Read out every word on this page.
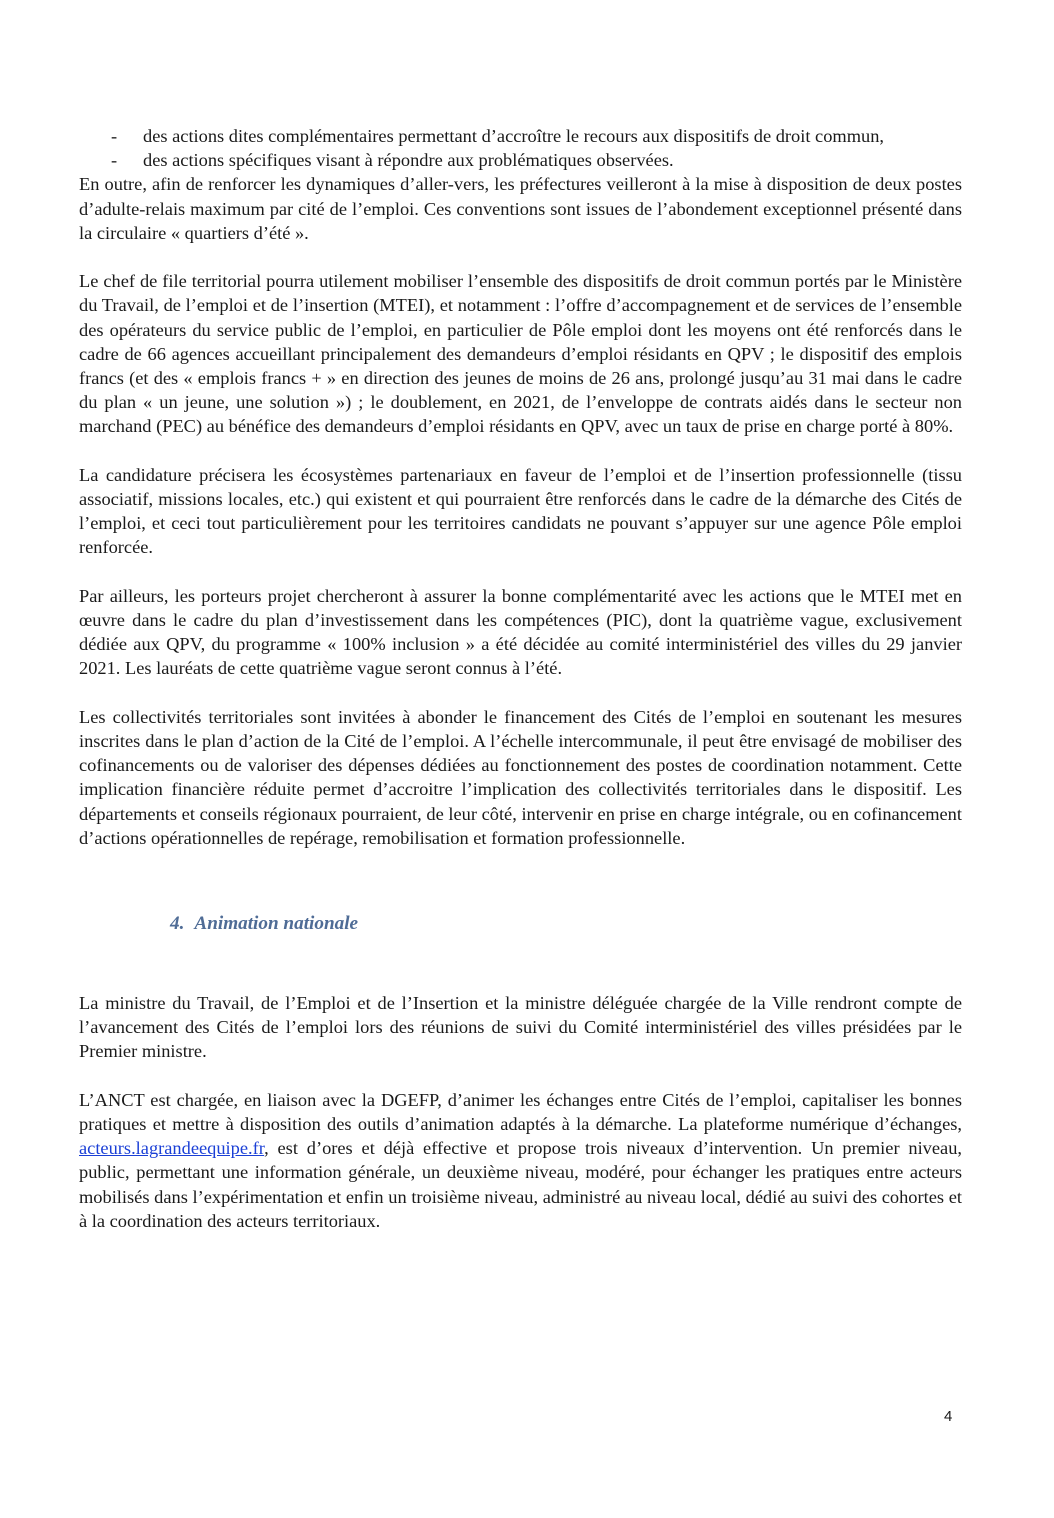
- des actions dites complémentaires permettant d’accroître le recours aux dispositifs de droit commun,
- des actions spécifiques visant à répondre aux problématiques observées.

En outre, afin de renforcer les dynamiques d’aller-vers, les préfectures veilleront à la mise à disposition de deux postes d’adulte-relais maximum par cité de l’emploi. Ces conventions sont issues de l’abondement exceptionnel présenté dans la circulaire « quartiers d’été ».

Le chef de file territorial pourra utilement mobiliser l’ensemble des dispositifs de droit commun portés par le Ministère du Travail, de l’emploi et de l’insertion (MTEI), et notamment : l’offre d’accompagnement et de services de l’ensemble des opérateurs du service public de l’emploi, en particulier de Pôle emploi dont les moyens ont été renforcés dans le cadre de 66 agences accueillant principalement des demandeurs d’emploi résidants en QPV ; le dispositif des emplois francs (et des « emplois francs + » en direction des jeunes de moins de 26 ans, prolongé jusqu’au 31 mai dans le cadre du plan « un jeune, une solution ») ; le doublement, en 2021, de l’enveloppe de contrats aidés dans le secteur non marchand (PEC) au bénéfice des demandeurs d’emploi résidants en QPV, avec un taux de prise en charge porté à 80%.

La candidature précisera les écosystèmes partenariaux en faveur de l’emploi et de l’insertion professionnelle (tissu associatif, missions locales, etc.) qui existent et qui pourraient être renforcés dans le cadre de la démarche des Cités de l’emploi, et ceci tout particulièrement pour les territoires candidats ne pouvant s’appuyer sur une agence Pôle emploi renforcée.

Par ailleurs, les porteurs projet chercheront à assurer la bonne complémentarité avec les actions que le MTEI met en œuvre dans le cadre du plan d’investissement dans les compétences (PIC), dont la quatrième vague, exclusivement dédiée aux QPV, du programme « 100% inclusion » a été décidée au comité interministériel des villes du 29 janvier 2021. Les lauréats de cette quatrième vague seront connus à l’été.

Les collectivités territoriales sont invitées à abonder le financement des Cités de l’emploi en soutenant les mesures inscrites dans le plan d’action de la Cité de l’emploi. A l’échelle intercommunale, il peut être envisagé de mobiliser des cofinancements ou de valoriser des dépenses dédiées au fonctionnement des postes de coordination notamment. Cette implication financière réduite permet d’accroitre l’implication des collectivités territoriales dans le dispositif. Les départements et conseils régionaux pourraient, de leur côté, intervenir en prise en charge intégrale, ou en cofinancement d’actions opérationnelles de repérage, remobilisation et formation professionnelle.

4. Animation nationale

La ministre du Travail, de l’Emploi et de l’Insertion et la ministre déléguée chargée de la Ville rendront compte de l’avancement des Cités de l’emploi lors des réunions de suivi du Comité interministériel des villes présidées par le Premier ministre.

L’ANCT est chargée, en liaison avec la DGEFP, d’animer les échanges entre Cités de l’emploi, capitaliser les bonnes pratiques et mettre à disposition des outils d’animation adaptés à la démarche. La plateforme numérique d’échanges, acteurs.lagrandeequipe.fr, est d’ores et déjà effective et propose trois niveaux d’intervention. Un premier niveau, public, permettant une information générale, un deuxième niveau, modéré, pour échanger les pratiques entre acteurs mobilisés dans l’expérimentation et enfin un troisième niveau, administré au niveau local, dédié au suivi des cohortes et à la coordination des acteurs territoriaux.

4
